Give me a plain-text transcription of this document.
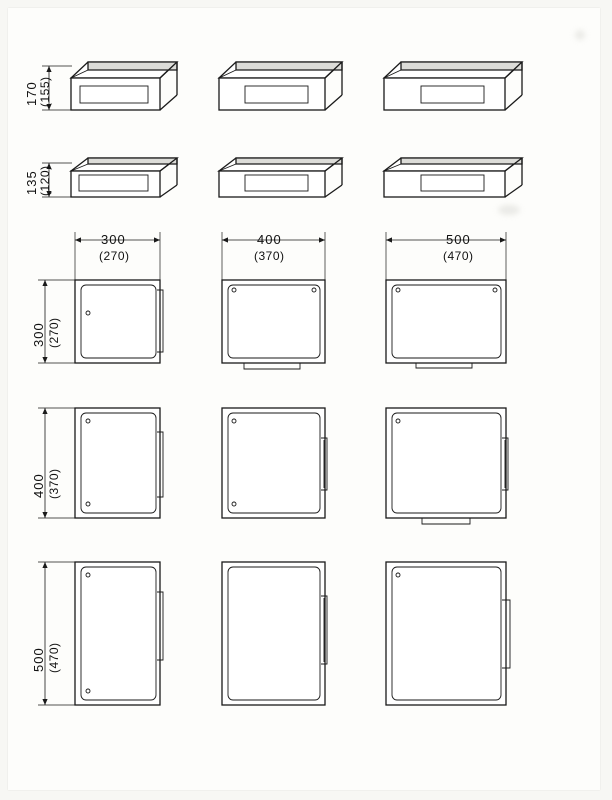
170 (155)
135 (120)
300
(270)
400
(370)
500
(470)
300 (270)
400 (370)
500 (470)
